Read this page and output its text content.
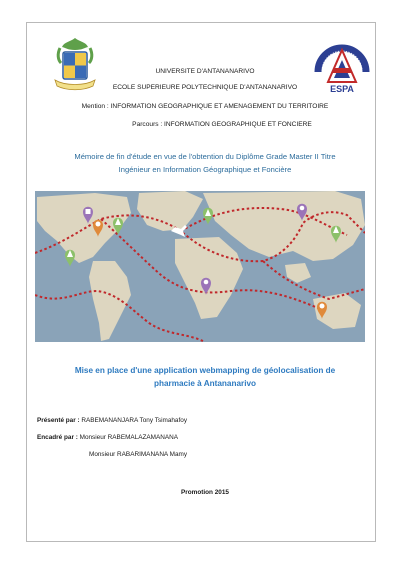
ESPA
UNIVERSITE D'ANTANANARIVO
ECOLE SUPERIEURE POLYTECHNIQUE D'ANTANANARIVO
Mention : INFORMATION GEOGRAPHIQUE ET AMENAGEMENT DU TERRITOIRE
Parcours : INFORMATION GEOGRAPHIQUE ET FONCIERE
Mémoire de fin d'étude en vue de l'obtention du Diplôme Grade Master II Titre
Ingénieur en Information Géographique et Foncière
Mise en place d'une application webmapping de géolocalisation de
pharmacie à Antananarivo
Présenté par : RABEMANANJARA Tony Tsimahafoy
Encadré par : Monsieur RABEMALAZAMANANA
Monsieur RABARIMANANA Mamy
Promotion 2015
